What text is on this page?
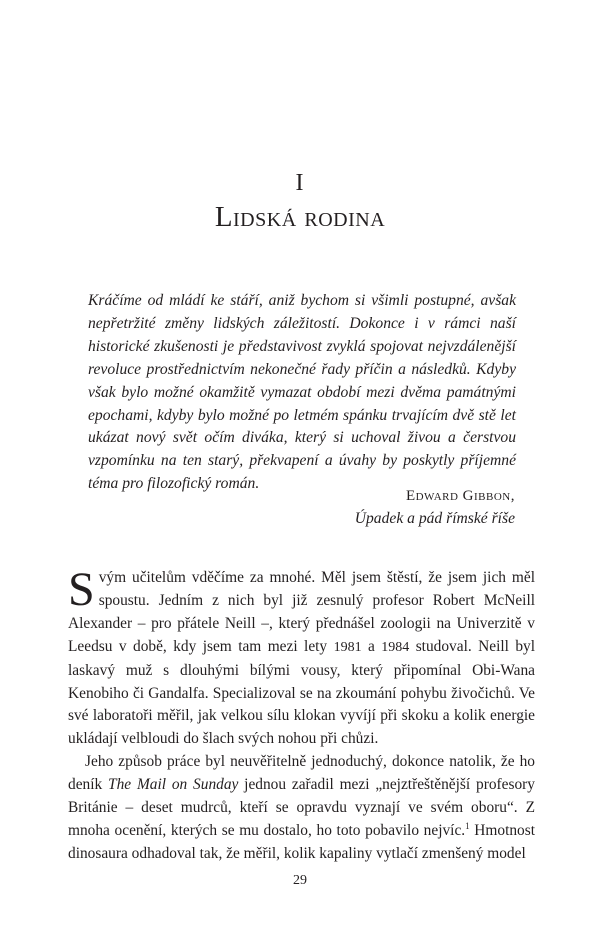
I
Lidská rodina

Kráčíme od mládí ke stáří, aniž bychom si všimli postupné, avšak nepřetržité změny lidských záležitostí. Dokonce i v rámci naší historické zkušenosti je představivost zvyklá spojovat nejvzdálenější revoluce prostřednictvím nekonečné řady příčin a následků. Kdyby však bylo možné okamžitě vymazat období mezi dvěma památnými epochami, kdyby bylo možné po letmém spánku trvajícím dvě stě let ukázat nový svět očím diváka, který si uchoval živou a čerstvou vzpomínku na ten starý, překvapení a úvahy by poskytly příjemné téma pro filozofický román.

Edward Gibbon,
Úpadek a pád římské říše

Svým učitelům vděčíme za mnohé. Měl jsem štěstí, že jsem jich měl spoustu. Jedním z nich byl již zesnulý profesor Robert McNeill Alexander – pro přátele Neill –, který přednášel zoologii na Univerzitě v Leedsu v době, kdy jsem tam mezi lety 1981 a 1984 studoval. Neill byl laskavý muž s dlouhými bílými vousy, který připomínal Obi-Wana Kenobiho či Gandalfa. Specializoval se na zkoumání pohybu živočichů. Ve své laboratoři měřil, jak velkou sílu klokan vyvíjí při skoku a kolik energie ukládají velbloudi do šlach svých nohou při chůzi.

Jeho způsob práce byl neuvěřitelně jednoduchý, dokonce natolik, že ho deník The Mail on Sunday jednou zařadil mezi „nejztřeštěnější profesory Británie – deset mudrců, kteří se opravdu vyznají ve svém oboru“. Z mnoha ocenění, kterých se mu dostalo, ho toto pobavilo nejvíc.$^1$ Hmotnost dinosaura odhadoval tak, že měřil, kolik kapaliny vytlačí zmenšený model

29
